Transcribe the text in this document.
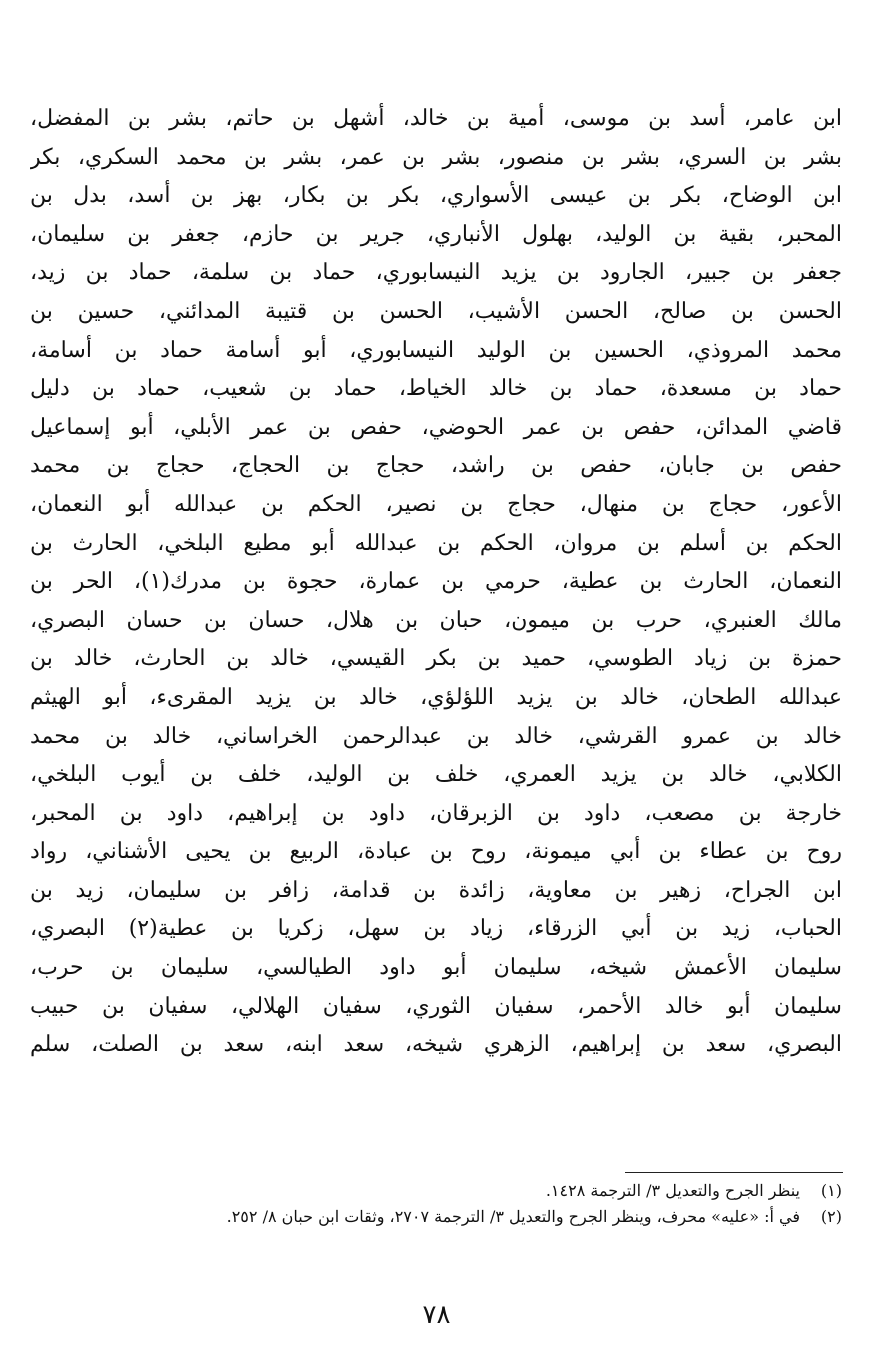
ابن عامر، أسد بن موسى، أمية بن خالد، أشهل بن حاتم، بشر بن المفضل،
بشر بن السري، بشر بن منصور، بشر بن عمر، بشر بن محمد السكري، بكر
ابن الوضاح، بكر بن عيسى الأسواري، بكر بن بكار، بهز بن أسد، بدل بن
المحبر، بقية بن الوليد، بهلول الأنباري، جرير بن حازم، جعفر بن سليمان،
جعفر بن جبير، الجارود بن يزيد النيسابوري، حماد بن سلمة، حماد بن زيد،
الحسن بن صالح، الحسن الأشيب، الحسن بن قتيبة المدائني، حسين بن
محمد المروذي، الحسين بن الوليد النيسابوري، أبو أسامة حماد بن أسامة،
حماد بن مسعدة، حماد بن خالد الخياط، حماد بن شعيب، حماد بن دليل
قاضي المدائن، حفص بن عمر الحوضي، حفص بن عمر الأبلي، أبو إسماعيل
حفص بن جابان، حفص بن راشد، حجاج بن الحجاج، حجاج بن محمد
الأعور، حجاج بن منهال، حجاج بن نصير، الحكم بن عبدالله أبو النعمان،
الحكم بن أسلم بن مروان، الحكم بن عبدالله أبو مطيع البلخي، الحارث بن
النعمان، الحارث بن عطية، حرمي بن عمارة، حجوة بن مدرك(١)، الحر بن
مالك العنبري، حرب بن ميمون، حبان بن هلال، حسان بن حسان البصري،
حمزة بن زياد الطوسي، حميد بن بكر القيسي، خالد بن الحارث، خالد بن
عبدالله الطحان، خالد بن يزيد اللؤلؤي، خالد بن يزيد المقرىء، أبو الهيثم
خالد بن عمرو القرشي، خالد بن عبدالرحمن الخراساني، خالد بن محمد
الكلابي، خالد بن يزيد العمري، خلف بن الوليد، خلف بن أيوب البلخي،
خارجة بن مصعب، داود بن الزبرقان، داود بن إبراهيم، داود بن المحبر،
روح بن عطاء بن أبي ميمونة، روح بن عبادة، الربيع بن يحيى الأشناني، رواد
ابن الجراح، زهير بن معاوية، زائدة بن قدامة، زافر بن سليمان، زيد بن
الحباب، زيد بن أبي الزرقاء، زياد بن سهل، زكريا بن عطية(٢) البصري،
سليمان الأعمش شيخه، سليمان أبو داود الطيالسي، سليمان بن حرب،
سليمان أبو خالد الأحمر، سفيان الثوري، سفيان الهلالي، سفيان بن حبيب
البصري، سعد بن إبراهيم، الزهري شيخه، سعد ابنه، سعد بن الصلت، سلم
(١)
ينظر الجرح والتعديل ٣/ الترجمة ١٤٢٨.
(٢)
في أ: «عليه» محرف، وينظر الجرح والتعديل ٣/ الترجمة ٢٧٠٧، وثقات ابن حبان ٨/ ٢٥٢.
٧٨
